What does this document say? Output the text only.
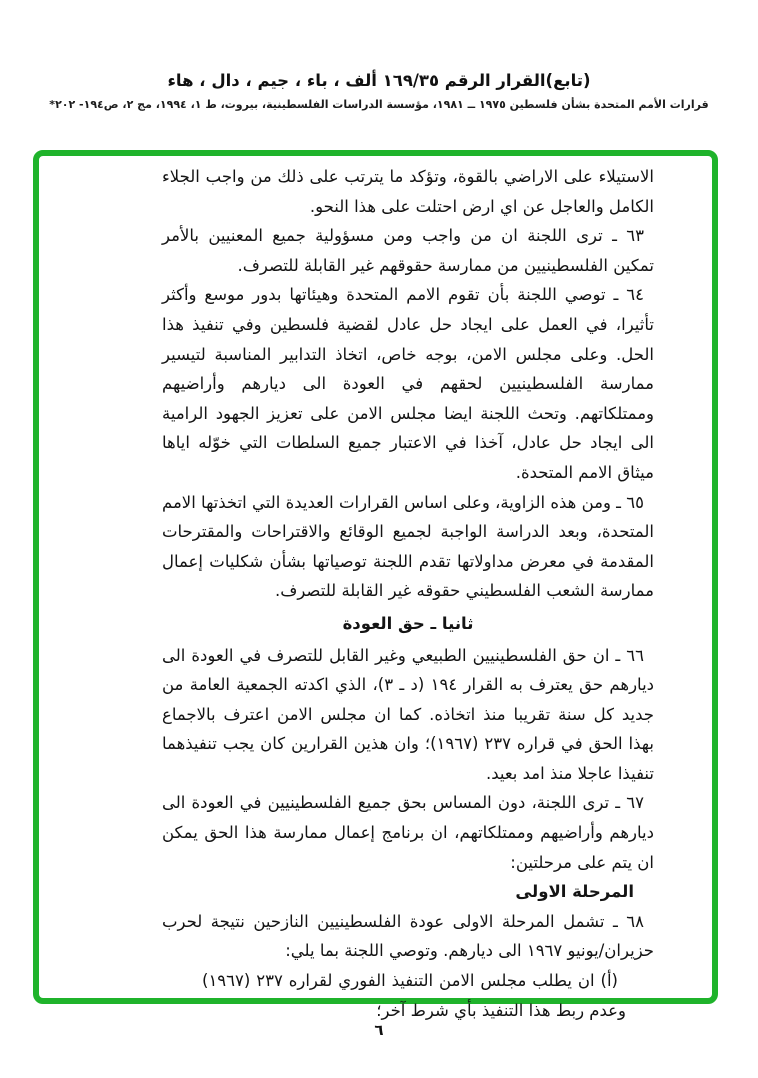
(تابع)القرار الرقم ١٦٩/٣٥ ألف ، باء ، جيم ، دال ، هاء
قرارات الأمم المتحدة بشأن فلسطين ١٩٧٥ ــ ١٩٨١، مؤسسة الدراسات الفلسطينية، بيروت، ط ١، ١٩٩٤، مج ٢، ص١٩٤- ٢٠٢*
الاستيلاء على الاراضي بالقوة، وتؤكد ما يترتب على ذلك من واجب الجلاء الكامل والعاجل عن اي ارض احتلت على هذا النحو.
٦٣ ـ ترى اللجنة ان من واجب ومن مسؤولية جميع المعنيين بالأمر تمكين الفلسطينيين من ممارسة حقوقهم غير القابلة للتصرف.
٦٤ ـ توصي اللجنة بأن تقوم الامم المتحدة وهيئاتها بدور موسع وأكثر تأثيرا، في العمل على ايجاد حل عادل لقضية فلسطين وفي تنفيذ هذا الحل. وعلى مجلس الامن، بوجه خاص، اتخاذ التدابير المناسبة لتيسير ممارسة الفلسطينيين لحقهم في العودة الى ديارهم وأراضيهم وممتلكاتهم. وتحث اللجنة ايضا مجلس الامن على تعزيز الجهود الرامية الى ايجاد حل عادل، آخذا في الاعتبار جميع السلطات التي خوّله اياها ميثاق الامم المتحدة.
٦٥ ـ ومن هذه الزاوية، وعلى اساس القرارات العديدة التي اتخذتها الامم المتحدة، وبعد الدراسة الواجبة لجميع الوقائع والاقتراحات والمقترحات المقدمة في معرض مداولاتها تقدم اللجنة توصياتها بشأن شكليات إعمال ممارسة الشعب الفلسطيني حقوقه غير القابلة للتصرف.
ثانيا ـ حق العودة
٦٦ ـ ان حق الفلسطينيين الطبيعي وغير القابل للتصرف في العودة الى ديارهم حق يعترف به القرار ١٩٤ (د ـ ٣)، الذي اكدته الجمعية العامة من جديد كل سنة تقريبا منذ اتخاذه. كما ان مجلس الامن اعترف بالاجماع بهذا الحق في قراره ٢٣٧ (١٩٦٧)؛ وان هذين القرارين كان يجب تنفيذهما تنفيذا عاجلا منذ امد بعيد.
٦٧ ـ ترى اللجنة، دون المساس بحق جميع الفلسطينيين في العودة الى ديارهم وأراضيهم وممتلكاتهم، ان برنامج إعمال ممارسة هذا الحق يمكن ان يتم على مرحلتين:
المرحلة الاولى
٦٨ ـ تشمل المرحلة الاولى عودة الفلسطينيين النازحين نتيجة لحرب حزيران/يونيو ١٩٦٧ الى ديارهم. وتوصي اللجنة بما يلي:
(أ) ان يطلب مجلس الامن التنفيذ الفوري لقراره ٢٣٧ (١٩٦٧) وعدم ربط هذا التنفيذ بأي شرط آخر؛
٦
